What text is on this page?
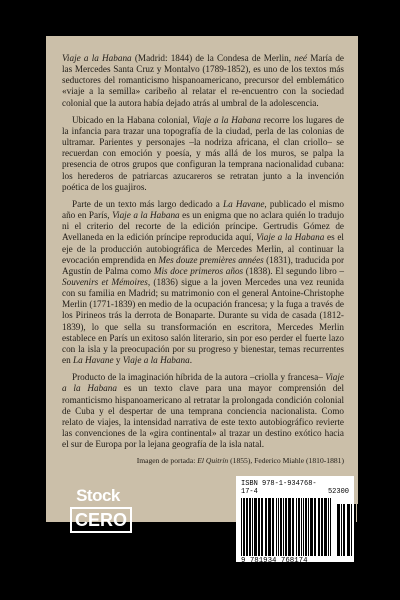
Viaje a la Habana (Madrid: 1844) de la Condesa de Merlin, neé María de las Mercedes Santa Cruz y Montalvo (1789-1852), es uno de los textos más seductores del romanticismo hispanoamericano, precursor del emblemático «viaje a la semilla» caribeño al relatar el re-encuentro con la sociedad colonial que la autora había dejado atrás al umbral de la adolescencia.

Ubicado en la Habana colonial, Viaje a la Habana recorre los lugares de la infancia para trazar una topografía de la ciudad, perla de las colonias de ultramar. Parientes y personajes –la nodriza africana, el clan criollo– se recuerdan con emoción y poesía, y más allá de los muros, se palpa la presencia de otros grupos que configuran la temprana nacionalidad cubana: los herederos de patriarcas azucareros se retratan junto a la invención poética de los guajiros.

Parte de un texto más largo dedicado a La Havane, publicado el mismo año en París, Viaje a la Habana es un enigma que no aclara quién lo tradujo ni el criterio del recorte de la edición príncipe. Gertrudis Gómez de Avellaneda en la edición príncipe reproducida aquí, Viaje a la Habana es el eje de la producción autobiográfica de Mercedes Merlin, al continuar la evocación emprendida en Mes douze premières années (1831), traducida por Agustín de Palma como Mis doce primeros años (1838). El segundo libro –Souvenirs et Mémoires, (1836) sigue a la joven Mercedes una vez reunida con su familia en Madrid; su matrimonio con el general Antoine-Christophe Merlin (1771-1839) en medio de la ocupación francesa; y la fuga a través de los Pirineos trás la derrota de Bonaparte. Durante su vida de casada (1812-1839), lo que sella su transformación en escritora, Mercedes Merlin establece en París un exitoso salón literario, sin por eso perder el fuerte lazo con la isla y la preocupación por su progreso y bienestar, temas recurrentes en La Havane y Viaje a la Habana.

Producto de la imaginación híbrida de la autora –criolla y francesa– Viaje a la Habana es un texto clave para una mayor comprensión del romanticismo hispanoamericano al retratar la prolongada condición colonial de Cuba y el despertar de una temprana conciencia nacionalista. Como relato de viajes, la intensidad narrativa de este texto autobiográfico revierte las convenciones de la «gira continental» al trazar un destino exótico hacia el sur de Europa por la lejana geografía de la isla natal.

Imagen de portada: El Quitrín (1855), Federico Miahle (1810-1881)

Stock
CERO
ISBN 978-1-934768-17-4	52300
9 781934 768174
